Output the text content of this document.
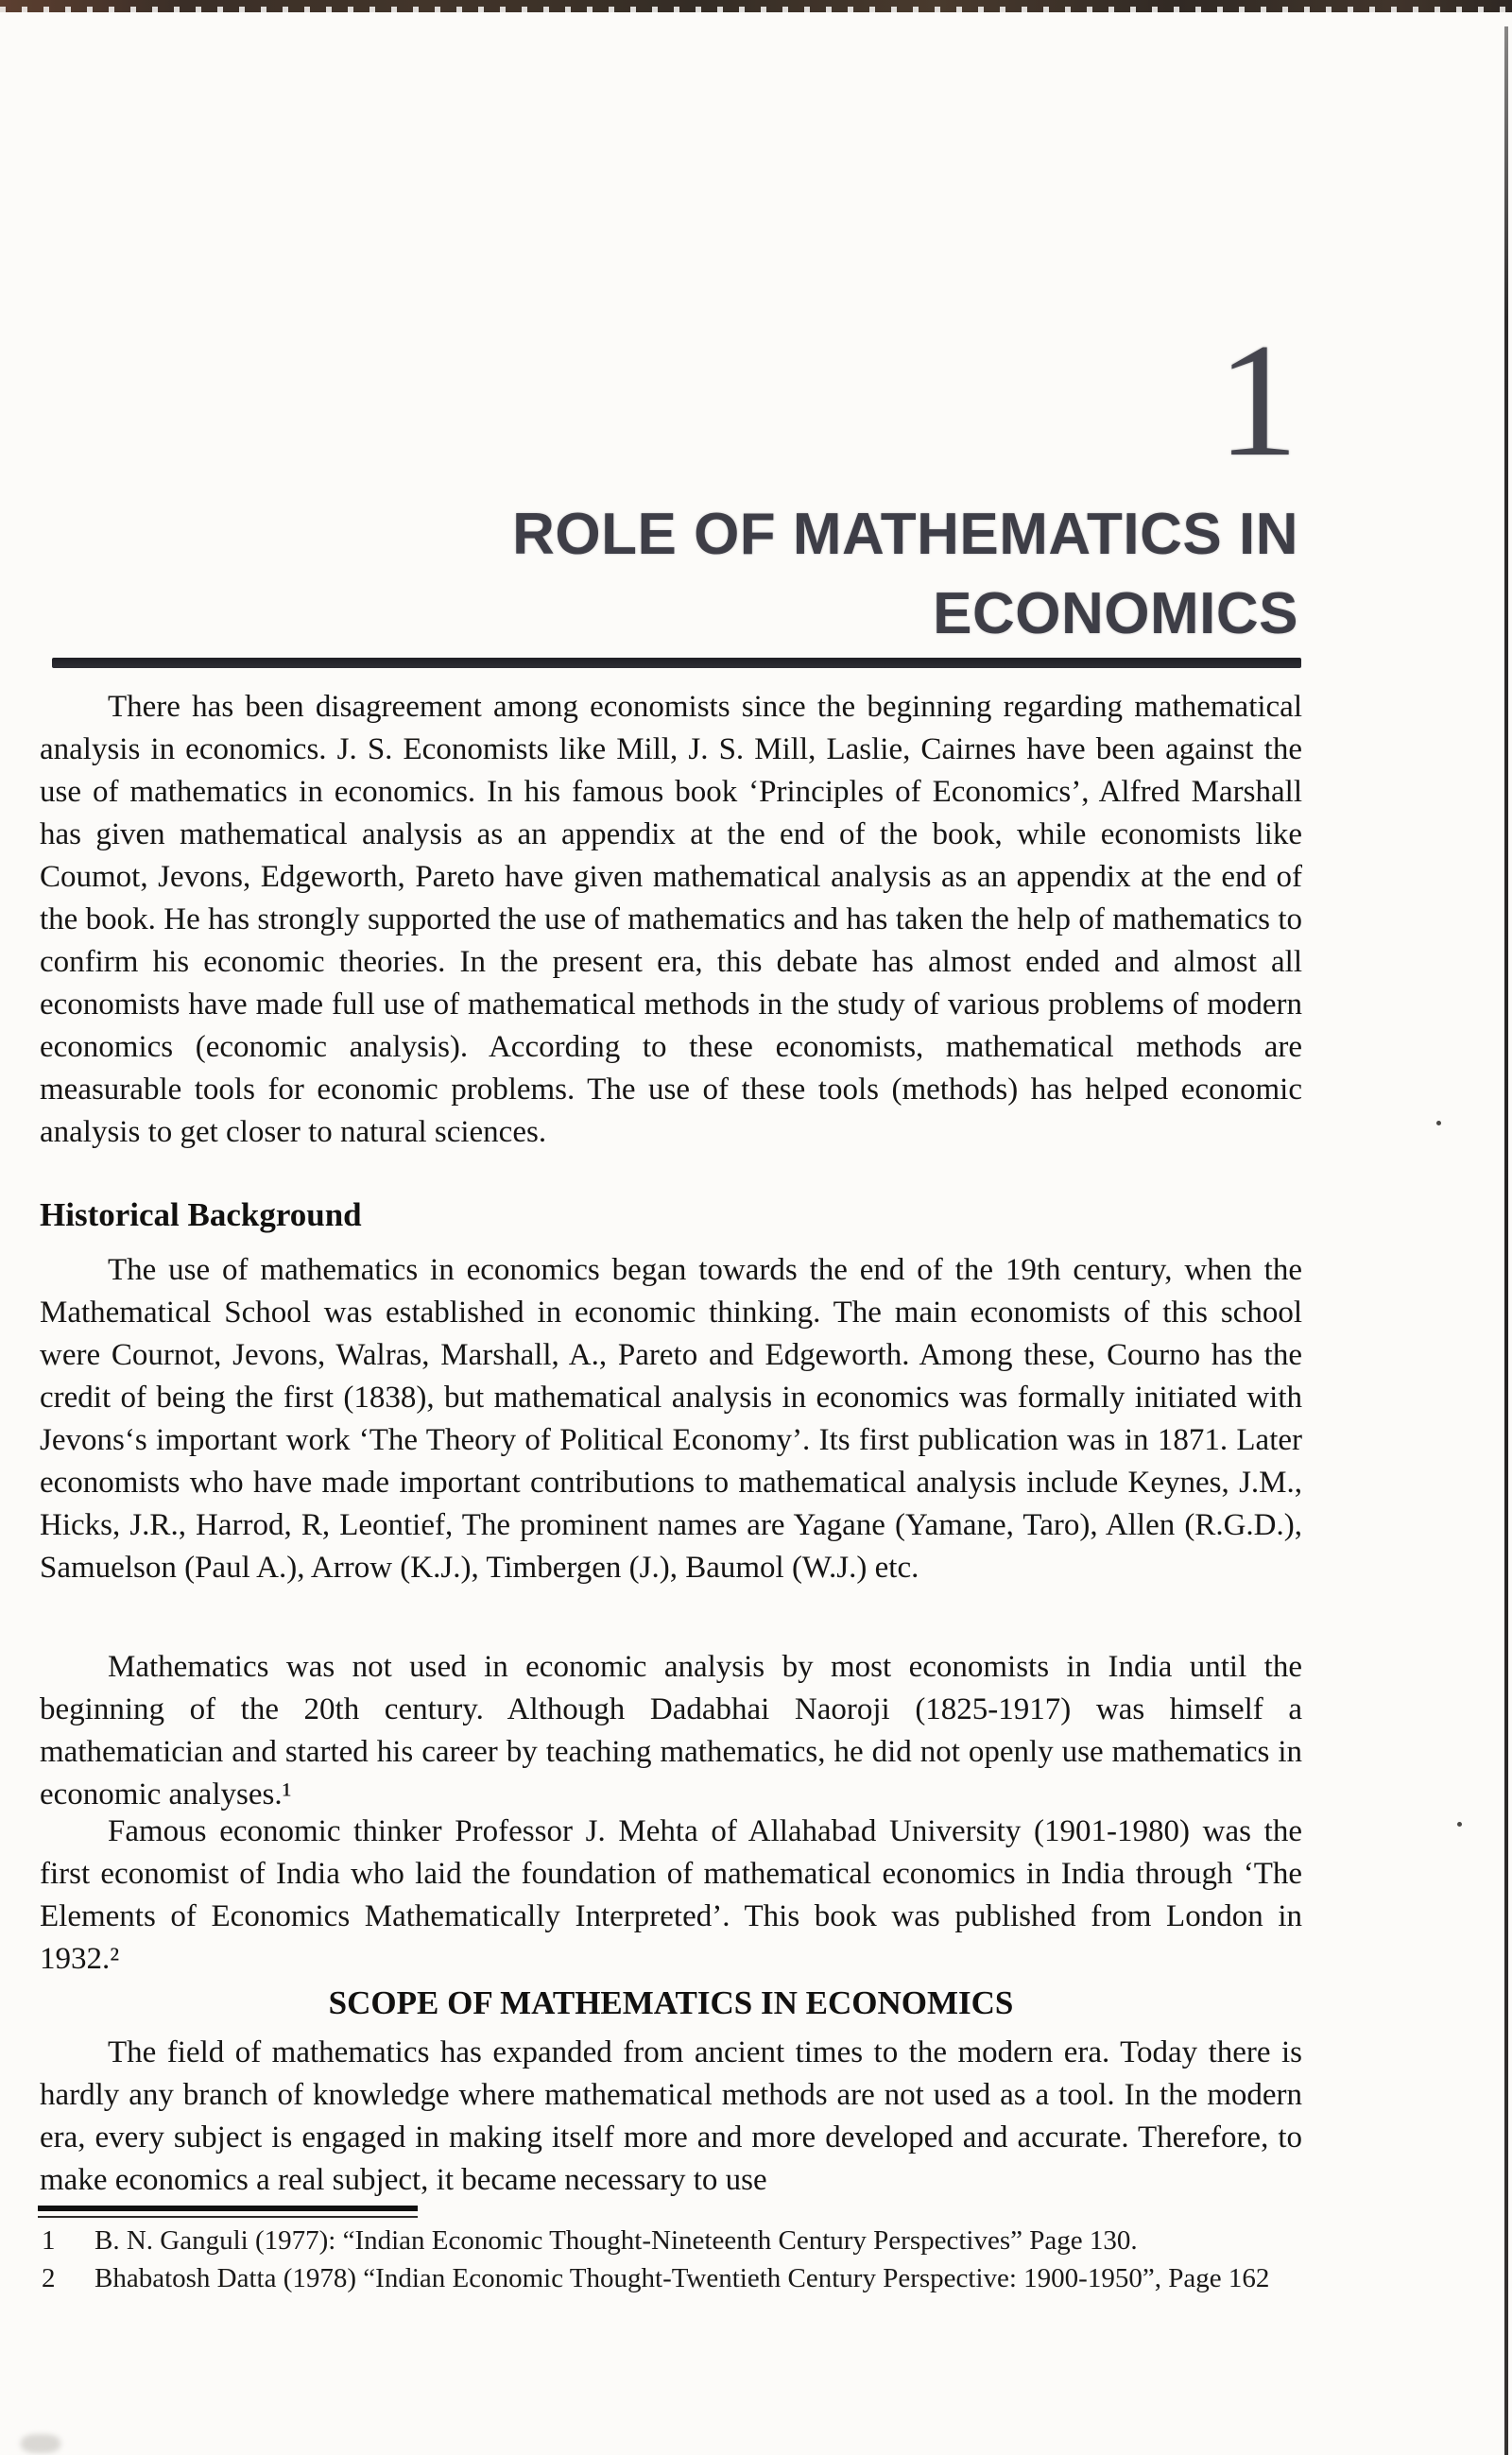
1
ROLE OF MATHEMATICS IN
ECONOMICS
There has been disagreement among economists since the beginning regarding mathematical analysis in economics. J. S. Economists like Mill, J. S. Mill, Laslie, Cairnes have been against the use of mathematics in economics. In his famous book ‘Principles of Economics’, Alfred Marshall has given mathematical analysis as an appendix at the end of the book, while economists like Coumot, Jevons, Edgeworth, Pareto have given mathematical analysis as an appendix at the end of the book. He has strongly supported the use of mathematics and has taken the help of mathematics to confirm his economic theories. In the present era, this debate has almost ended and almost all economists have made full use of mathematical methods in the study of various problems of modern economics (economic analysis). According to these economists, mathematical methods are measurable tools for economic problems. The use of these tools (methods) has helped economic analysis to get closer to natural sciences.
Historical Background
The use of mathematics in economics began towards the end of the 19th century, when the Mathematical School was established in economic thinking. The main economists of this school were Cournot, Jevons, Walras, Marshall, A., Pareto and Edgeworth. Among these, Courno has the credit of being the first (1838), but mathematical analysis in economics was formally initiated with Jevons‘s important work ‘The Theory of Political Economy’. Its first publication was in 1871. Later economists who have made important contributions to mathematical analysis include Keynes, J.M., Hicks, J.R., Harrod, R, Leontief, The prominent names are Yagane (Yamane, Taro), Allen (R.G.D.), Samuelson (Paul A.), Arrow (K.J.), Timbergen (J.), Baumol (W.J.) etc.
Mathematics was not used in economic analysis by most economists in India until the beginning of the 20th century. Although Dadabhai Naoroji (1825-1917) was himself a mathematician and started his career by teaching mathematics, he did not openly use mathematics in economic analyses.¹
Famous economic thinker Professor J. Mehta of Allahabad University (1901-1980) was the first economist of India who laid the foundation of mathematical economics in India through ‘The Elements of Economics Mathematically Interpreted’. This book was published from London in 1932.²
SCOPE OF MATHEMATICS IN ECONOMICS
The field of mathematics has expanded from ancient times to the modern era. Today there is hardly any branch of knowledge where mathematical methods are not used as a tool. In the modern era, every subject is engaged in making itself more and more developed and accurate. Therefore, to make economics a real subject, it became necessary to use
1	B. N. Ganguli (1977): “Indian Economic Thought-Nineteenth Century Perspectives” Page 130.
2	Bhabatosh Datta (1978) “Indian Economic Thought-Twentieth Century Perspective: 1900-1950”, Page 162
